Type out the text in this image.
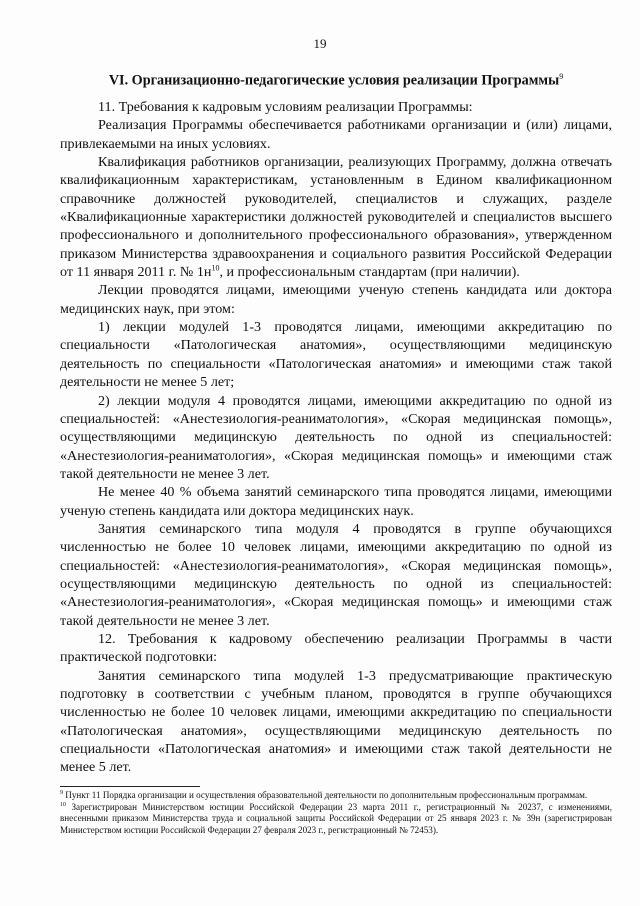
19
VI. Организационно-педагогические условия реализации Программы$^9$

11. Требования к кадровым условиям реализации Программы:

Реализация Программы обеспечивается работниками организации и (или) лицами, привлекаемыми на иных условиях.

Квалификация работников организации, реализующих Программу, должна отвечать квалификационным характеристикам, установленным в Едином квалификационном справочнике должностей руководителей, специалистов и служащих, разделе «Квалификационные характеристики должностей руководителей и специалистов высшего профессионального и дополнительного профессионального образования», утвержденном приказом Министерства здравоохранения и социального развития Российской Федерации от 11 января 2011 г. № $1н^{10}$, и профессиональным стандартам (при наличии).

Лекции проводятся лицами, имеющими ученую степень кандидата или доктора медицинских наук, при этом:

1) лекции модулей 1-3 проводятся лицами, имеющими аккредитацию по специальности «Патологическая анатомия», осуществляющими медицинскую деятельность по специальности «Патологическая анатомия» и имеющими стаж такой деятельности не менее 5 лет;

2) лекции модуля 4 проводятся лицами, имеющими аккредитацию по одной из специальностей: «Анестезиология-реаниматология», «Скорая медицинская помощь», осуществляющими медицинскую деятельность по одной из специальностей: «Анестезиология-реаниматология», «Скорая медицинская помощь» и имеющими стаж такой деятельности не менее 3 лет.

Не менее 40 % объема занятий семинарского типа проводятся лицами, имеющими ученую степень кандидата или доктора медицинских наук.

Занятия семинарского типа модуля 4 проводятся в группе обучающихся численностью не более 10 человек лицами, имеющими аккредитацию по одной из специальностей: «Анестезиология-реаниматология», «Скорая медицинская помощь», осуществляющими медицинскую деятельность по одной из специальностей: «Анестезиология-реаниматология», «Скорая медицинская помощь» и имеющими стаж такой деятельности не менее 3 лет.

12. Требования к кадровому обеспечению реализации Программы в части практической подготовки:

Занятия семинарского типа модулей 1-3 предусматривающие практическую подготовку в соответствии с учебным планом, проводятся в группе обучающихся численностью не более 10 человек лицами, имеющими аккредитацию по специальности «Патологическая анатомия», осуществляющими медицинскую деятельность по специальности «Патологическая анатомия» и имеющими стаж такой деятельности не менее 5 лет.

$^9$ Пункт 11 Порядка организации и осуществления образовательной деятельности по дополнительным профессиональным программам.

$^{10}$ Зарегистрирован Министерством юстиции Российской Федерации 23 марта 2011 г., регистрационный № 20237, с изменениями, внесенными приказом Министерства труда и социальной защиты Российской Федерации от 25 января 2023 г. № 39н (зарегистрирован Министерством юстиции Российской Федерации 27 февраля 2023 г., регистрационный № 72453).
